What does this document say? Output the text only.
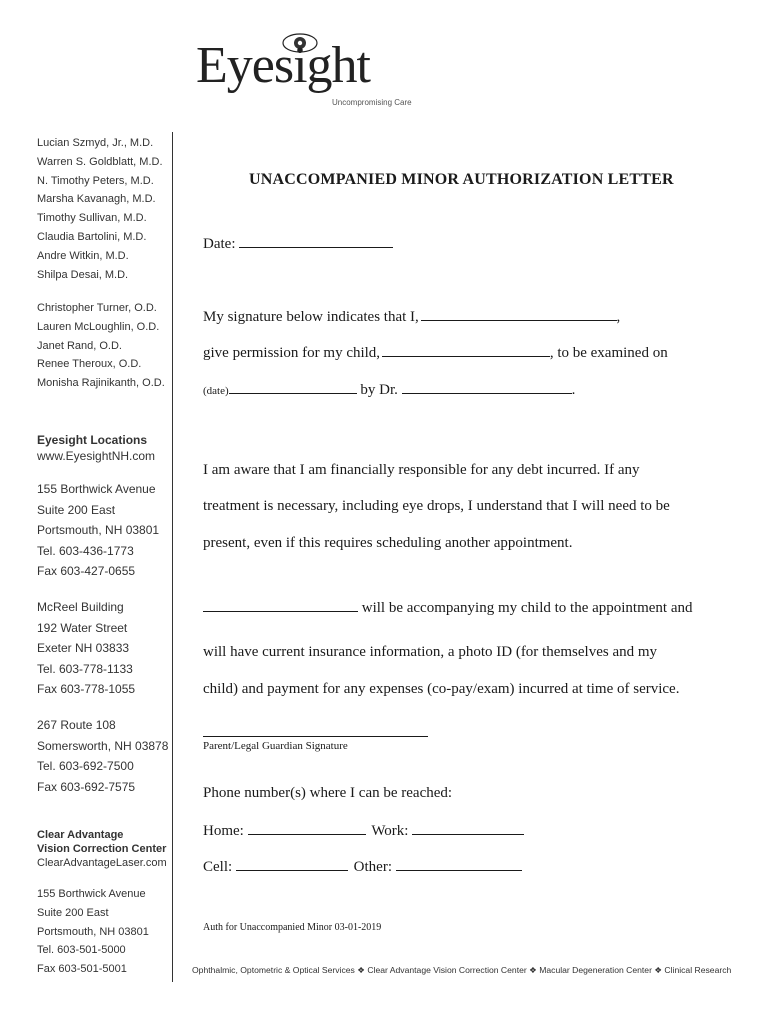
Eyesight
Uncompromising Care
Lucian Szmyd, Jr., M.D.
Warren S. Goldblatt, M.D.
N. Timothy Peters, M.D.
Marsha Kavanagh, M.D.
Timothy Sullivan, M.D.
Claudia Bartolini, M.D.
Andre Witkin, M.D.
Shilpa Desai, M.D.
Christopher Turner, O.D.
Lauren McLoughlin, O.D.
Janet Rand, O.D.
Renee Theroux, O.D.
Monisha Rajinikanth, O.D.
Eyesight Locations
www.EyesightNH.com
155 Borthwick Avenue
Suite 200 East
Portsmouth, NH 03801
Tel. 603-436-1773
Fax 603-427-0655
McReel Building
192 Water Street
Exeter NH 03833
Tel. 603-778-1133
Fax 603-778-1055
267 Route 108
Somersworth, NH 03878
Tel. 603-692-7500
Fax 603-692-7575
Clear Advantage
Vision Correction Center
ClearAdvantageLaser.com
155 Borthwick Avenue
Suite 200 East
Portsmouth, NH 03801
Tel. 603-501-5000
Fax 603-501-5001
UNACCOMPANIED MINOR AUTHORIZATION LETTER
Date:
My signature below indicates that I,	,
give permission for my child,	, to be examined on
(date)	by Dr.	.
I am aware that I am financially responsible for any debt incurred. If any
treatment is necessary, including eye drops, I understand that I will need to be
present, even if this requires scheduling another appointment.
will be accompanying my child to the appointment and
will have current insurance information, a photo ID (for themselves and my
child) and payment for any expenses (co-pay/exam) incurred at time of service.
Parent/Legal Guardian Signature
Phone number(s) where I can be reached:
Home:	Work:
Cell:	Other:
Auth for Unaccompanied Minor 03-01-2019
Ophthalmic, Optometric & Optical Services ❖ Clear Advantage Vision Correction Center ❖ Macular Degeneration Center ❖ Clinical Research
